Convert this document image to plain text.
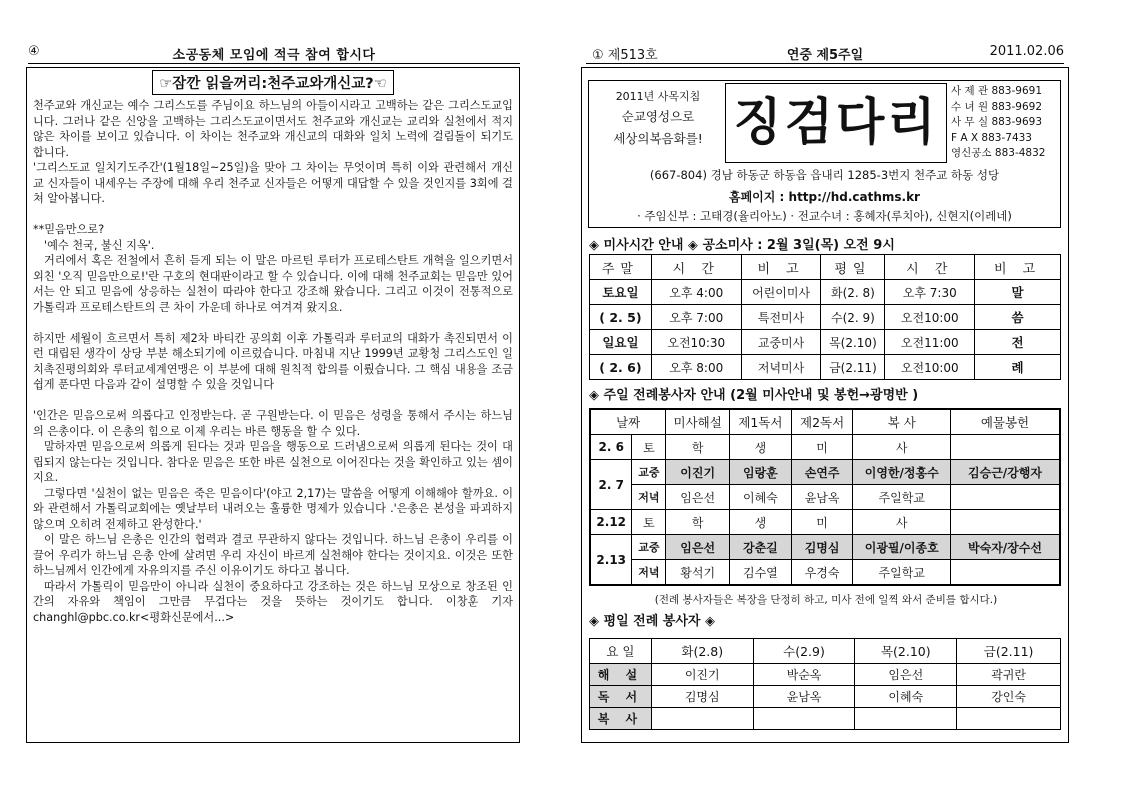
④	소공동체 모임에 적극 참여 합시다
☞잠깐 읽을꺼리:천주교와개신교?☜

천주교와 개신교는 예수 그리스도를 주님이요 하느님의 아들이시라고 고백하는 같은 그리스도교입니다. 그러나 같은 신앙을 고백하는 그리스도교이면서도 천주교와 개신교는 교리와 실천에서 적지 않은 차이를 보이고 있습니다. 이 차이는 천주교와 개신교의 대화와 일치 노력에 걸림돌이 되기도 합니다.

'그리스도교 일치기도주간'(1월18일~25일)을 맞아 그 차이는 무엇이며 특히 이와 관련해서 개신교 신자들이 내세우는 주장에 대해 우리 천주교 신자들은 어떻게 대답할 수 있을 것인지를 3회에 걸쳐 알아봅니다.

**믿음만으로?

'예수 천국, 불신 지옥'.

거리에서 혹은 전철에서 흔히 듣게 되는 이 말은 마르틴 루터가 프로테스탄트 개혁을 일으키면서 외친 '오직 믿음만으로!'란 구호의 현대판이라고 할 수 있습니다. 이에 대해 천주교회는 믿음만 있어서는 안 되고 믿음에 상응하는 실천이 따라야 한다고 강조해 왔습니다. 그리고 이것이 전통적으로 가톨릭과 프로테스탄트의 큰 차이 가운데 하나로 여겨져 왔지요.

하지만 세월이 흐르면서 특히 제2차 바티칸 공의회 이후 가톨릭과 루터교의 대화가 촉진되면서 이런 대립된 생각이 상당 부분 해소되기에 이르렀습니다. 마침내 지난 1999년 교황청 그리스도인 일치촉진평의회와 루터교세계연맹은 이 부분에 대해 원칙적 합의를 이뤘습니다. 그 핵심 내용을 조금 쉽게 푼다면 다음과 같이 설명할 수 있을 것입니다

'인간은 믿음으로써 의롭다고 인정받는다. 곧 구원받는다. 이 믿음은 성령을 통해서 주시는 하느님의 은총이다. 이 은총의 힘으로 이제 우리는 바른 행동을 할 수 있다.

말하자면 믿음으로써 의롭게 된다는 것과 믿음을 행동으로 드러냄으로써 의롭게 된다는 것이 대립되지 않는다는 것입니다. 참다운 믿음은 또한 바른 실천으로 이어진다는 것을 확인하고 있는 셈이지요.

그렇다면 '실천이 없는 믿음은 죽은 믿음이다'(야고 2,17)는 말씀을 어떻게 이해해야 할까요. 이와 관련해서 가톨릭교회에는 옛날부터 내려오는 훌륭한 명제가 있습니다 .'은총은 본성을 파괴하지 않으며 오히려 전제하고 완성한다.'

이 말은 하느님 은총은 인간의 협력과 결코 무관하지 않다는 것입니다. 하느님 은총이 우리를 이끌어 우리가 하느님 은총 안에 살려면 우리 자신이 바르게 실천해야 한다는 것이지요. 이것은 또한 하느님께서 인간에게 자유의지를 주신 이유이기도 하다고 봅니다.

따라서 가톨릭이 믿음만이 아니라 실천이 중요하다고 강조하는 것은 하느님 모상으로 창조된 인간의 자유와 책임이 그만큼 무겁다는 것을 뜻하는 것이기도 합니다. 이창훈 기자changhl@pbc.co.kr<평화신문에서...>

① 제513호	연중 제5주일	2011.02.06
2011년 사목지침
순교영성으로
세상의복음화를! 징검다리
사 제 관 883-9691
수 녀 원 883-9692
사 무 실 883-9693
F A X 883-7433
영신공소 883-4832
(667-804) 경남 하동군 하동읍 읍내리 1285-3번지 천주교 하동 성당
홈페이지 : http://hd.cathms.kr
· 주임신부 : 고태경(율리아노) · 전교수녀 : 홍혜자(루치아), 신현지(이레네)
◈ 미사시간 안내 ◈ 공소미사 : 2월 3일(목) 오전 9시
주말	시 간	비 고	평일	시 간	비 고
토요일	오후 4:00	어린이미사	화(2. 8)	오후 7:30	말
( 2. 5)	오후 7:00	특전미사	수(2. 9)	오전10:00	씀
일요일	오전10:30	교중미사	목(2.10)	오전11:00	전
( 2. 6)	오후 8:00	저녁미사	금(2.11)	오전10:00	례
◈ 주일 전례봉사자 안내 (2월 미사안내 및 봉헌→광명반 )
날짜		미사해설	제1독서	제2독서	복 사	예물봉헌
2. 6	토	학	생	미	사	
2. 7	교중	이진기	임랑훈	손연주	이영한/정홍수	김승근/강행자
	저녁	임은선	이혜숙	윤남옥	주일학교	
2.12	토	학	생	미	사	
2.13	교중	임은선	강춘길	김명심	이광필/이종호	박숙자/장수선
	저녁	황석기	김수열	우경숙	주일학교	
(전례 봉사자들은 복장을 단정히 하고, 미사 전에 일찍 와서 준비를 합시다.)
◈ 평일 전례 봉사자 ◈
요 일	화(2.8)	수(2.9)	목(2.10)	금(2.11)
해 설	이진기	박순옥	임은선	곽귀란
독 서	김명심	윤남옥	이혜숙	강인숙
복 사				
